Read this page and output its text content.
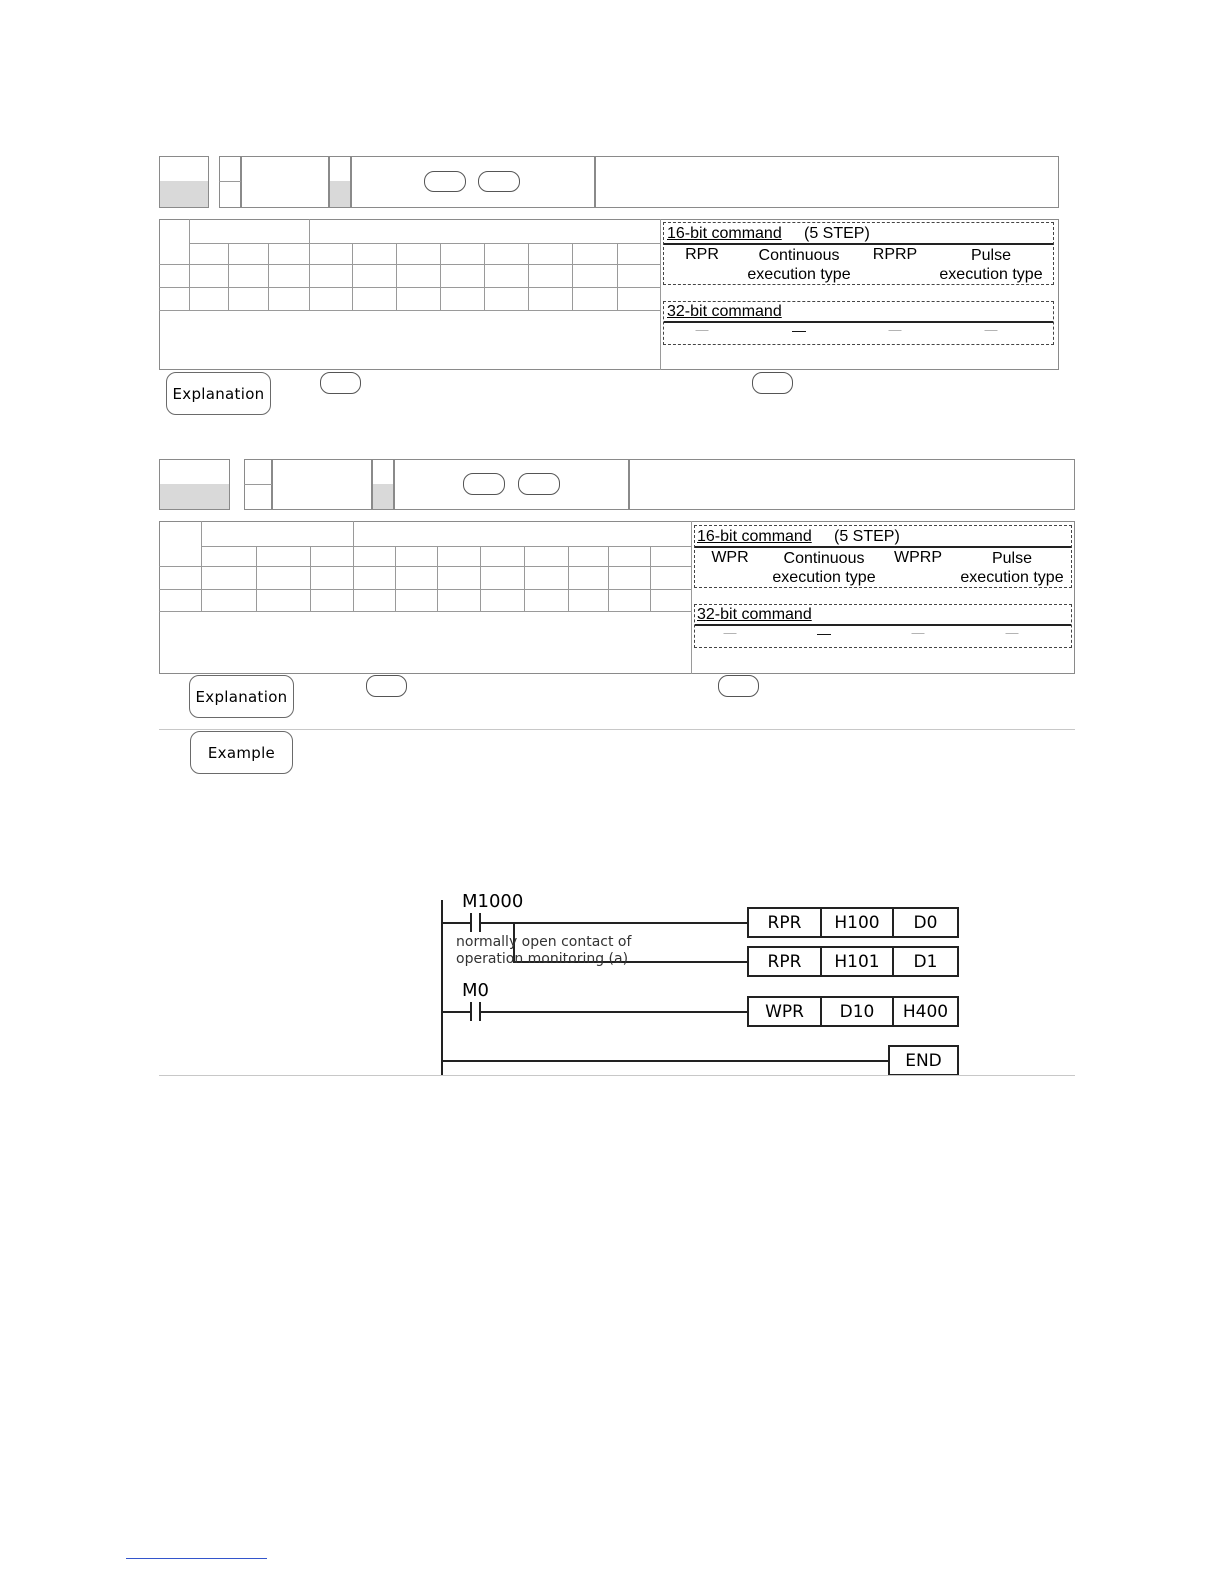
16-bit command (5 STEP)
RPR	Continuous
execution type
RPRP	Pulse
execution type
32-bit command
—	—	—	—
Explanation
16-bit command (5 STEP)
WPR	Continuous
execution type
WPRP	Pulse
execution type
32-bit command
—	—	—	—
Explanation
Example
M1000
normally open contact of
operation monitoring (a)
RPR	H100	D0
RPR	H101	D1
M0
WPR	D10	H400
END
